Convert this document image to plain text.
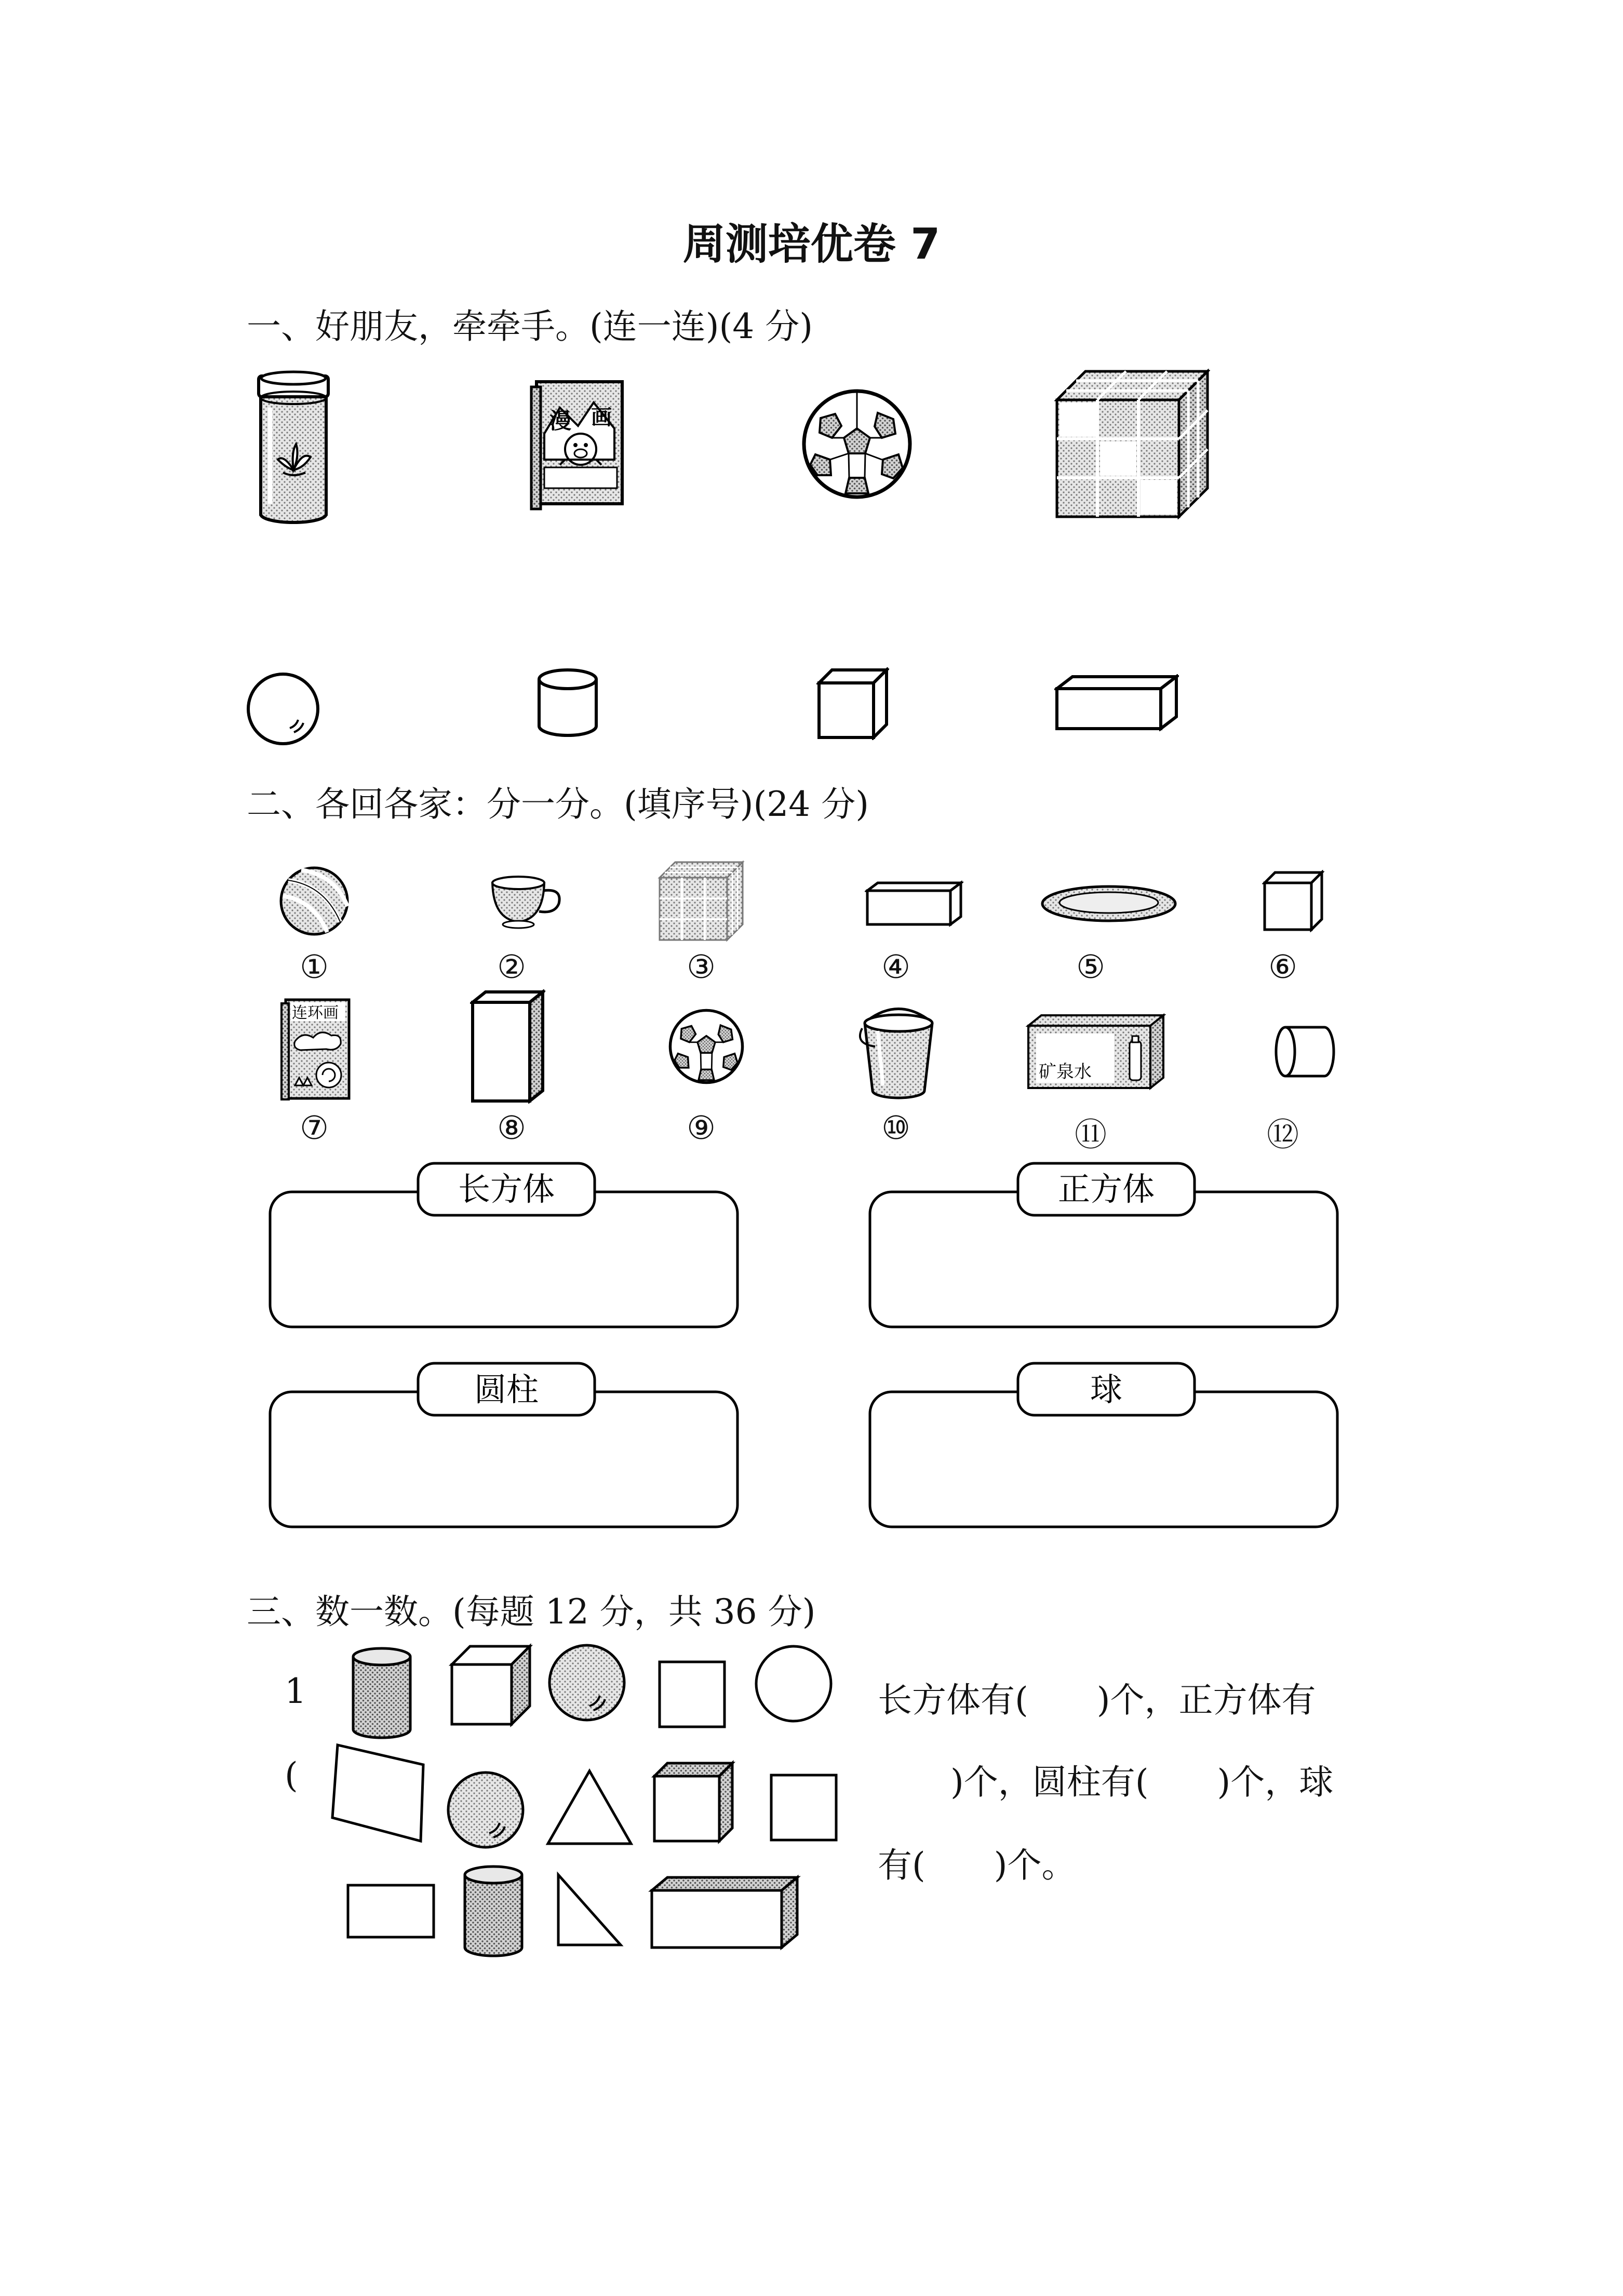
周测培优卷 7
一、好朋友，牵牵手。(连一连)(4 分)
漫 画
二、各回各家：分一分。(填序号)(24 分)
①	②	③	④	⑤	⑥
连环画
矿泉水
⑦	⑧	⑨	⑩	⑪	⑫
长方体	正方体
圆柱	球
三、数一数。(每题 12 分，共 36 分)
1
(
长方体有(　　)个，正方体有
)个，圆柱有(　　)个，球
有(　　)个。
